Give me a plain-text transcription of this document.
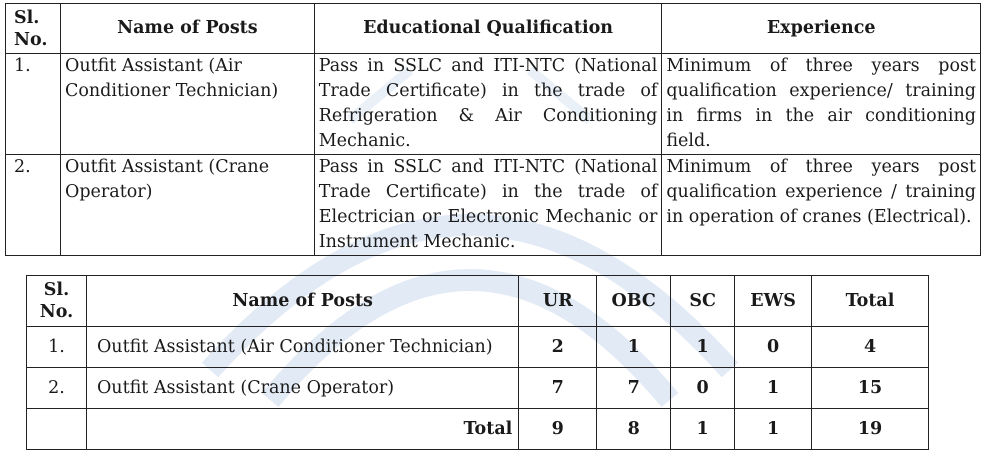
Sl. No.	Name of Posts	Educational Qualification	Experience
1.	Outfit Assistant (Air Conditioner Technician)	Pass in SSLC and ITI-NTC (National Trade Certificate) in the trade of Refrigeration & Air Conditioning Mechanic.	Minimum of three years post qualification experience/ training in firms in the air conditioning field.
2.	Outfit Assistant (Crane Operator)	Pass in SSLC and ITI-NTC (National Trade Certificate) in the trade of Electrician or Electronic Mechanic or Instrument Mechanic.	Minimum of three years post qualification experience / training in operation of cranes (Electrical).
Sl. No.	Name of Posts	UR	OBC	SC	EWS	Total
1.	Outfit Assistant (Air Conditioner Technician)	2	1	1	0	4
2.	Outfit Assistant (Crane Operator)	7	7	0	1	15
	Total	9	8	1	1	19
